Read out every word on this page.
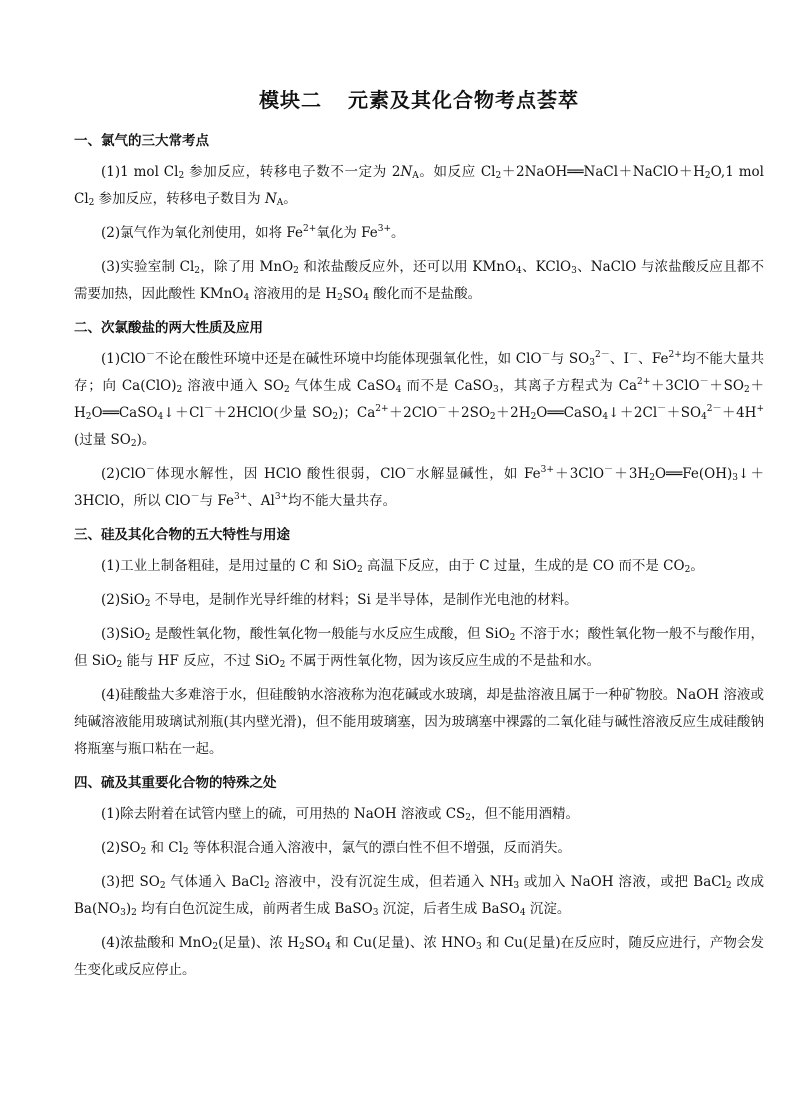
模块二 元素及其化合物考点荟萃
一、氯气的三大常考点

(1)1 mol $Cl_2$ 参加反应，转移电子数不一定为 $2N_A$。如反应 $Cl_2+2NaOH══NaCl+NaClO+H_2O,1$ mol $Cl_2$ 参加反应，转移电子数目为 $N_A$。

(2)氯气作为氧化剂使用，如将 $Fe^{2+}$氧化为 $Fe^{3+}$。

(3)实验室制 $Cl_2$，除了用 MnO$_2$ 和浓盐酸反应外，还可以用 KMnO$_4$、KClO$_3$、NaClO 与浓盐酸反应且都不需要加热，因此酸性 KMnO$_4$ 溶液用的是 $H_2SO_4$ 酸化而不是盐酸。

二、次氯酸盐的两大性质及应用

(1)ClO－不论在酸性环境中还是在碱性环境中均能体现强氧化性，如 ClO－与 $SO_3^{2-}$、I－、$Fe^{2+}$均不能大量共存；向 $Ca(ClO)_2$ 溶液中通入 $SO_2$ 气体生成 CaSO$_4$ 而不是 CaSO$_3$，其离子方程式为 $Ca^{2+}+3ClO^-+SO_2+H_2O══CaSO_4↓+Cl^-+2HClO$(少量 $SO_2$)；$Ca^{2+}+2ClO^-+2SO_2+2H_2O══CaSO_4↓+2Cl^-+SO_4^{2-}+4H^+$(过量 $SO_2$)。

(2)ClO－体现水解性，因 HClO 酸性很弱，ClO－水解显碱性，如 $Fe^{3+}+3ClO^-+3H_2O══Fe(OH)_3↓+3HClO$，所以 ClO－与 $Fe^{3+}$、$Al^{3+}$均不能大量共存。

三、硅及其化合物的五大特性与用途

(1)工业上制备粗硅，是用过量的 C 和 SiO$_2$ 高温下反应，由于 C 过量，生成的是 CO 而不是 $CO_2$。

(2)SiO$_2$ 不导电，是制作光导纤维的材料；Si 是半导体，是制作光电池的材料。

(3)SiO$_2$ 是酸性氧化物，酸性氧化物一般能与水反应生成酸，但 SiO$_2$ 不溶于水；酸性氧化物一般不与酸作用，但 SiO$_2$ 能与 HF 反应，不过 SiO$_2$ 不属于两性氧化物，因为该反应生成的不是盐和水。

(4)硅酸盐大多难溶于水，但硅酸钠水溶液称为泡花碱或水玻璃，却是盐溶液且属于一种矿物胶。NaOH 溶液或纯碱溶液能用玻璃试剂瓶(其内壁光滑)，但不能用玻璃塞，因为玻璃塞中裸露的二氧化硅与碱性溶液反应生成硅酸钠将瓶塞与瓶口粘在一起。

四、硫及其重要化合物的特殊之处

(1)除去附着在试管内壁上的硫，可用热的 NaOH 溶液或 $CS_2$，但不能用酒精。

$(2)SO_2$ 和 $Cl_2$ 等体积混合通入溶液中，氯气的漂白性不但不增强，反而消失。

(3)把 $SO_2$ 气体通入 BaCl$_2$ 溶液中，没有沉淀生成，但若通入 $NH_3$ 或加入 NaOH 溶液，或把 BaCl$_2$ 改成 $Ba(NO_3)_2$ 均有白色沉淀生成，前两者生成 BaSO$_3$ 沉淀，后者生成 BaSO$_4$ 沉淀。

(4)浓盐酸和 MnO$_2$(足量)、浓 $H_2SO_4$ 和 Cu(足量)、浓 $HNO_3$ 和 Cu(足量)在反应时，随反应进行，产物会发生变化或反应停止。
